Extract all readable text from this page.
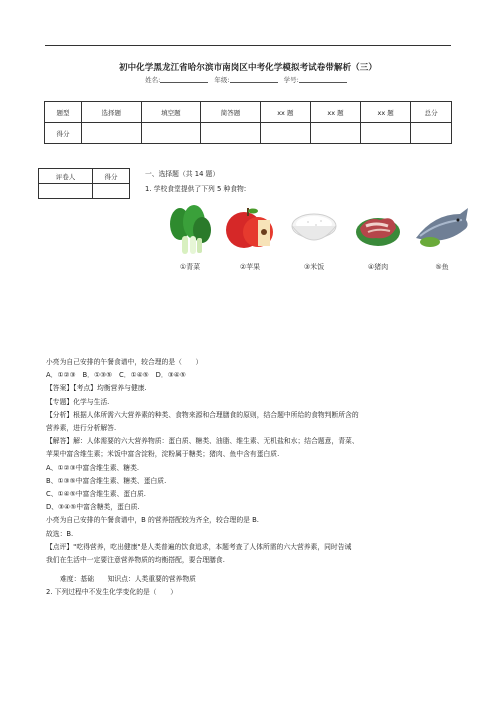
初中化学黑龙江省哈尔滨市南岗区中考化学模拟考试卷带解析（三）
姓名:	年级:	学号:
题型	选择题	填空题	简答题	xx 题	xx 题	xx 题	总分
得分							
评卷人	得分
		一、选择题（共 14 题）
1. 学校食堂提供了下列 5 种食物:
①青菜	②苹果	③米饭	④猪肉	⑤鱼
小亮为自己安排的午餐食谱中，较合理的是（　　）
A．①②③　B．①③⑤　C．①④⑤　D．③④⑤
【答案】【考点】均衡营养与健康.
【专题】化学与生活.
【分析】根据人体所需六大营养素的种类、食物来源和合理膳食的原则，结合题中所给的食物判断所含的
营养素，进行分析解答.
【解答】解：人体需要的六大营养物质：蛋白质、糖类、油脂、维生素、无机盐和水；结合题意，青菜、
苹果中富含维生素；米饭中富含淀粉，淀粉属于糖类；猪肉、鱼中含有蛋白质.
A、①②③中富含维生素、糖类.
B、①③⑤中富含维生素、糖类、蛋白质.
C、①④⑤中富含维生素、蛋白质.
D、③④⑤中富含糖类，蛋白质.
小亮为自己安排的午餐食谱中，B 的营养搭配较为齐全，较合理的是 B.
故选：B.
【点评】"吃得营养，吃出健康"是人类普遍的饮食追求，本题考查了人体所需的六大营养素，同时告诫
我们在生活中一定要注意营养物质的均衡搭配，要合理膳食.
难度：基础　　知识点：人类重要的营养物质
2. 下列过程中不发生化学变化的是（　　）
